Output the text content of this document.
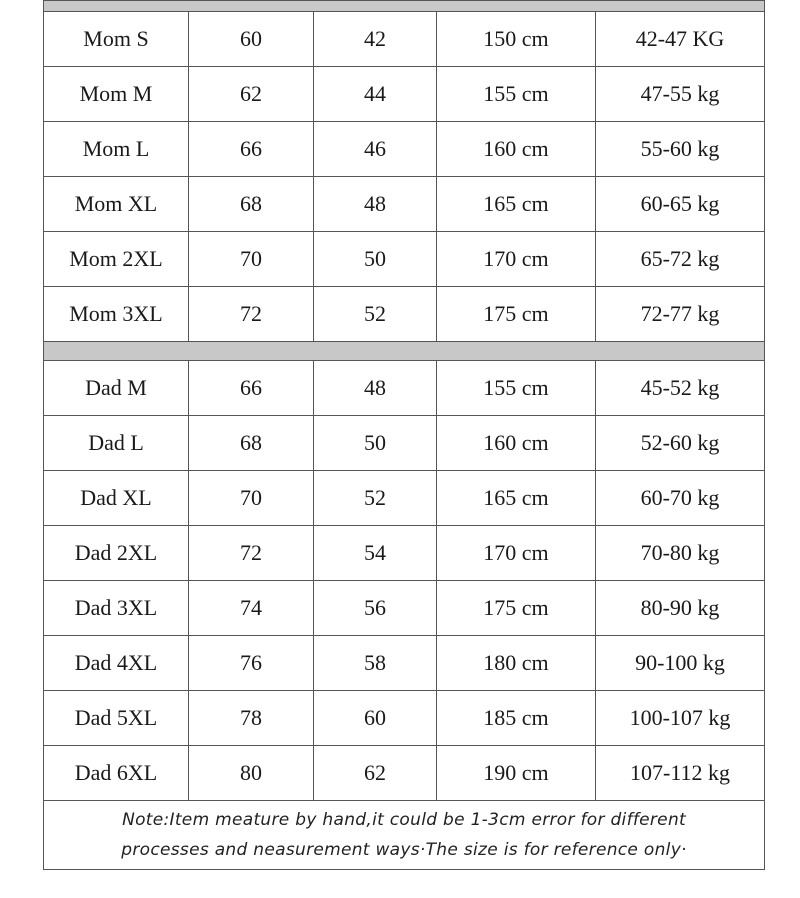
Mom S	60	42	150 cm	42-47 KG
Mom M	62	44	155 cm	47-55 kg
Mom L	66	46	160 cm	55-60 kg
Mom XL	68	48	165 cm	60-65 kg
Mom 2XL	70	50	170 cm	65-72 kg
Mom 3XL	72	52	175 cm	72-77 kg

Dad M	66	48	155 cm	45-52 kg
Dad L	68	50	160 cm	52-60 kg
Dad XL	70	52	165 cm	60-70 kg
Dad 2XL	72	54	170 cm	70-80 kg
Dad 3XL	74	56	175 cm	80-90 kg
Dad 4XL	76	58	180 cm	90-100 kg
Dad 5XL	78	60	185 cm	100-107 kg
Dad 6XL	80	62	190 cm	107-112 kg

Note:Item meature by hand,it could be 1-3cm error for different
processes and neasurement ways·The size is for reference only·				
